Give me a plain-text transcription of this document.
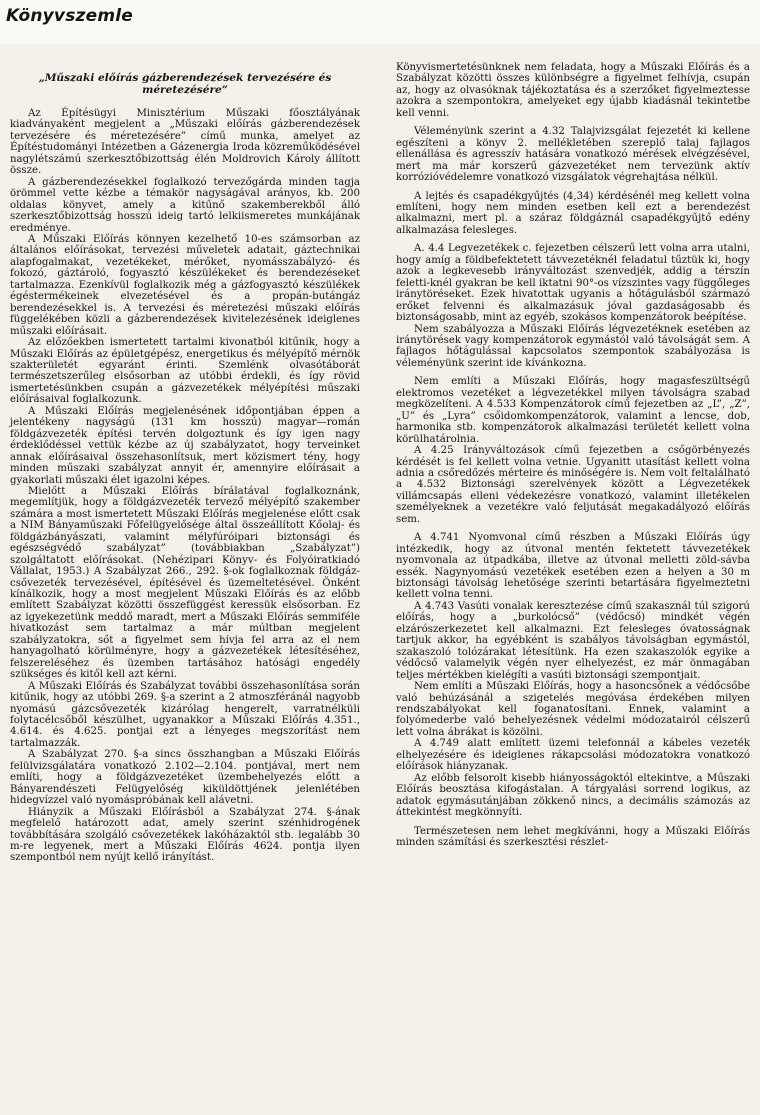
Könyvszemle
„Műszaki előírás gázberendezések tervezésére és méretezésére”

Az Építésügyi Minisztérium Műszaki főosztályának kiadványaként megjelent a „Műszaki előírás gázberendezések tervezésére és méretezésére” című munka, amelyet az Építéstudományi Intézetben a Gázenergia Iroda közreműködésével nagylétszámú szerkesztőbizottság élén Moldrovich Károly állított össze.

A gázberendezésekkel foglalkozó tervezőgárda minden tagja örömmel vette kézbe a témakör nagyságával arányos, kb. 200 oldalas könyvet, amely a kitűnő szakemberekből álló szerkesztőbizottság hosszú ideig tartó lelkiismeretes munkájának eredménye.

A Műszaki Előírás könnyen kezelhető 10-es számsorban az általános előírásokat, tervezési műveletek adatait, gáztechnikai alapfogalmakat, vezetékeket, mérőket, nyomásszabályzó- és fokozó, gáztároló, fogyasztó készülékeket és berendezéseket tartalmazza. Ezenkívül foglalkozik még a gázfogyasztó készülékek égéstermékeinek elvezetésével és a propán-butángáz berendezésekkel is. A tervezési és méretezési műszaki előírás függelékében közli a gázberendezések kivitelezésének ideiglenes műszaki előírásait.

Az előzőekben ismertetett tartalmi kivonatból kitűnik, hogy a Műszaki Előírás az épületgépész, energetikus és mélyépítő mérnök szakterületét egyaránt érinti. Szemlénk olvasótáborát természetszerűleg elsősorban az utóbbi érdekli, és így rövid ismertetésünkben csupán a gázvezetékek mélyépítési műszaki előírásaival foglalkozunk.

A Műszaki Előírás megjelenésének időpontjában éppen a jelentékeny nagyságú (131 km hosszú) magyar—román földgázvezeték építési tervén dolgoztunk és így igen nagy érdeklődéssel vettük kézbe az új szabályzatot, hogy terveinket annak előírásaival összehasonlítsuk, mert közismert tény, hogy minden műszaki szabályzat annyit ér, amennyire előírásait a gyakorlati műszaki élet igazolni képes.

Mielőtt a Műszaki Előírás bírálatával foglalkoznánk, megemlítjük, hogy a földgázvezeték tervező mélyépítő szakember számára a most ismertetett Műszaki Előírás megjelenése előtt csak a NIM Bányaműszaki Főfelügyelősége által összeállított Kőolaj- és földgázbányászati, valamint mélyfúróipari biztonsági és egészségvédő szabályzat” (továbbiakban „Szabályzat”) szolgáltatott előírásokat. (Nehézipari Könyv- és Folyóiratkiadó Vállalat, 1953.) A Szabályzat 266., 292. §-ok foglalkoznak földgáz-csővezeték tervezésével, építésével és üzemeltetésével. Önként kínálkozik, hogy a most megjelent Műszaki Előírás és az előbb említett Szabályzat közötti összefüggést keressük elsősorban. Ez az igyekezetünk meddő maradt, mert a Műszaki Előírás semmiféle hivatkozást sem tartalmaz a már múltban megjelent szabályzatokra, sőt a figyelmet sem hívja fel arra az el nem hanyagolható körülményre, hogy a gázvezetékek létesítéséhez, felszereléséhez és üzemben tartásához hatósági engedély szükséges és kitől kell azt kérni.

A Műszaki Előírás és Szabályzat további összehasonlítása során kitűnik, hogy az utóbbi 269. §-a szerint a 2 atmoszféránál nagyobb nyomású gázcsővezeték kizárólag hengerelt, varratnélküli folytacélcsőből készülhet, ugyanakkor a Műszaki Előírás 4.351., 4.614. és 4.625. pontjai ezt a lényeges megszorítást nem tartalmazzák.

A Szabályzat 270. §-a sincs összhangban a Műszaki Előírás felülvizsgálatára vonatkozó 2.102—2.104. pontjával, mert nem említi, hogy a földgázvezetéket üzembehelyezés előtt a Bányarendészeti Felügyelőség kiküldöttjének jelenlétében hidegvízzel való nyomáspróbának kell alávetni.

Hiányzik a Műszaki Előírásból a Szabályzat 274. §-ának megfelelő határozott adat, amely szerint szénhidrogének továbbítására szolgáló csővezetékek lakóházaktól stb. legalább 30 m-re legyenek, mert a Műszaki Előírás 4624. pontja ilyen szempontból nem nyújt kellő irányítást.

Könyvismertetésünknek nem feladata, hogy a Műszaki Előírás és a Szabályzat közötti összes különbségre a figyelmet felhívja, csupán az, hogy az olvasóknak tájékoztatása és a szerzőket figyelmeztesse azokra a szempontokra, amelyeket egy újabb kiadásnál tekintetbe kell venni.

Véleményünk szerint a 4.32 Talajvizsgálat fejezetét ki kellene egészíteni a könyv 2. mellékletében szereplő talaj fajlagos ellenállása és agresszív hatására vonatkozó mérések elvégzésével, mert ma már korszerű gázvezetéket nem tervezünk aktív korrózióvédelemre vonatkozó vizsgálatok végrehajtása nélkül.

A lejtés és csapadékgyűjtés (4,34) kérdésénél meg kellett volna említeni, hogy nem minden esetben kell ezt a berendezést alkalmazni, mert pl. a száraz földgáznál csapadékgyűjtő edény alkalmazása felesleges.

A. 4.4 Legvezetékek c. fejezetben célszerű lett volna arra utalni, hogy amíg a földbefektetett távvezetéknél feladatul tűztük ki, hogy azok a legkevesebb irányváltozást szenvedjék, addig a térszín feletti-knél gyakran be kell iktatni 90°-os vízszintes vagy függőleges iránytöréseket. Ezek hivatottak ugyanis a hőtágulásból származó erőket felvenni és alkalmazásuk jóval gazdaságosabb és biztonságosabb, mint az egyéb, szokásos kompenzátorok beépítése.

Nem szabályozza a Műszaki Előírás légvezetéknek esetében az iránytörések vagy kompenzátorok egymástól való távolságát sem. A fajlagos hőtágulással kapcsolatos szempontok szabályozása is véleményünk szerint ide kívánkozna.

Nem említi a Műszaki Előírás, hogy magasfeszültségű elektromos vezetéket a légvezetékkel milyen távolságra szabad megközelíteni. A 4.533 Kompenzátorok című fejezetben az „L”, „Z”, „U” és „Lyra” csőidomkompenzátorok, valamint a lencse, dob, harmonika stb. kompenzátorok alkalmazási területét kellett volna körülhatárolnia.

A 4.25 Irányváltozások című fejezetben a csőgörbényezés kérdését is fel kellett volna vetnie. Ugyanitt utasítást kellett volna adnia a csőredőzés mérteire és minőségére is. Nem volt feltalálható a 4.532 Biztonsági szerelvények között a Légvezetékek villámcsapás elleni védekezésre vonatkozó, valamint illetékelen személyeknek a vezetékre való feljutását megakadályozó előírás sem.

A 4.741 Nyomvonal című részben a Műszaki Előírás úgy intézkedik, hogy az útvonal mentén fektetett távvezetékek nyomvonala az útpadkába, illetve az útvonal melletti zöld-sávba essék. Nagynyomású vezetékek esetében ezen a helyen a 30 m biztonsági távolság lehetősége szerinti betartására figyelmeztetni kellett volna tenni.

A 4.743 Vasúti vonalak keresztezése című szakasznál túl szigorú előírás, hogy a „burkolócső” (védőcső) mindkét végén elzárószerkezetet kell alkalmazni. Ezt felesleges óvatosságnak tartjuk akkor, ha egyébként is szabályos távolságban egymástól, szakaszoló tolózárakat létesítünk. Ha ezen szakaszolók egyike a védőcső valamelyik végén nyer elhelyezést, ez már önmagában teljes mértékben kielégíti a vasúti biztonsági szempontjait.

Nem említi a Műszaki Előírás, hogy a hasoncsőnek a védőcsőbe való behúzásánál a szigetelés megóvása érdekében milyen rendszabályokat kell foganatosítani. Ennek, valamint a folyómederbe való behelyezésnek védelmi módozatairól célszerű lett volna ábrákat is közölni.

A 4.749 alatt említett üzemi telefonnál a kábeles vezeték elhelyezésére és ideiglenes rákapcsolási módozatokra vonatkozó előírások hiányzanak.

Az előbb felsorolt kisebb hiányosságoktól eltekintve, a Műszaki Előírás beosztása kifogástalan. A tárgyalási sorrend logikus, az adatok egymásutánjában zökkenő nincs, a decimális számozás az áttekintést megkönnyíti.

Természetesen nem lehet megkívánni, hogy a Műszaki Előírás minden számítási és szerkesztési részlet-
